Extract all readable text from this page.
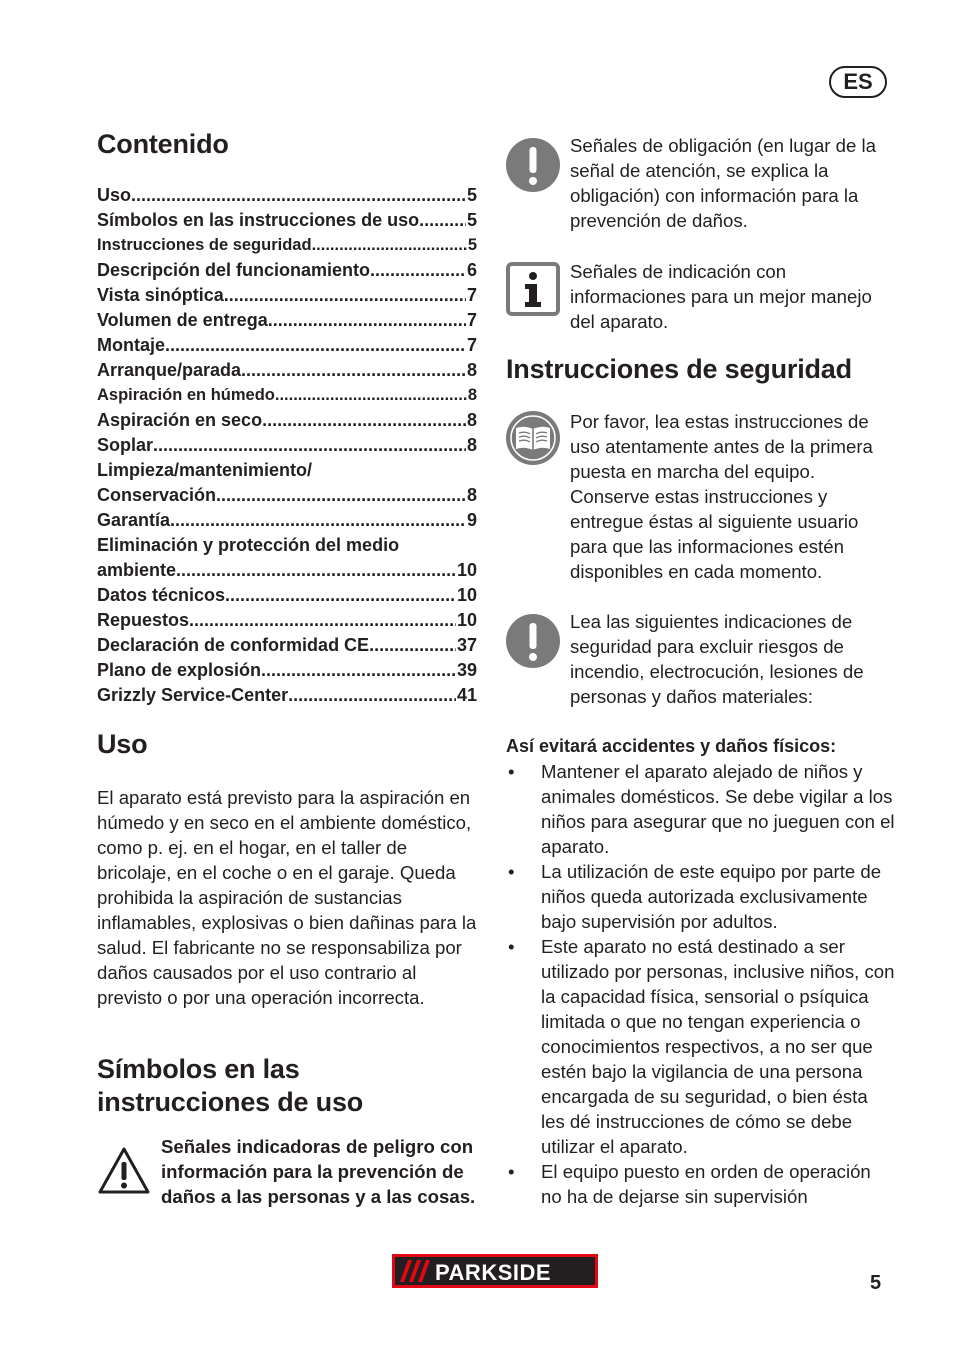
ES
Contenido
Uso .....	5
Símbolos en las instrucciones de uso .....	5
Instrucciones de seguridad .....	5
Descripción del funcionamiento .....	6
Vista sinóptica .....	7
Volumen de entrega .....	7
Montaje .....	7
Arranque/parada .....	8
Aspiración en húmedo .....	8
Aspiración en seco .....	8
Soplar .....	8
Limpieza/mantenimiento/
Conservación .....	8
Garantía .....	9
Eliminación y protección del medio
ambiente .....	10
Datos técnicos .....	10
Repuestos .....	10
Declaración de conformidad CE .....	37
Plano de explosión .....	39
Grizzly Service-Center .....	41
Uso

El aparato está previsto para la aspiración en húmedo y en seco en el ambiente doméstico, como p. ej. en el hogar, en el taller de bricolaje, en el coche o en el garaje. Queda prohibida la aspiración de sustancias inflamables, explosivas o bien dañinas para la salud. El fabricante no se responsabiliza por daños causados por el uso contrario al previsto o por una operación incorrecta.

Símbolos en las
instrucciones de uso

Señales indicadoras de peligro con información para la prevención de daños a las personas y a las cosas.

Señales de obligación (en lugar de la señal de atención, se explica la obligación) con información para la prevención de daños.

Señales de indicación con informaciones para un mejor manejo del aparato.

Instrucciones de seguridad

Por favor, lea estas instrucciones de uso atentamente antes de la primera puesta en marcha del equipo. Conserve estas instrucciones y entregue éstas al siguiente usuario para que las informaciones estén disponibles en cada momento.

Lea las siguientes indicaciones de seguridad para excluir riesgos de incendio, electrocución, lesiones de personas y daños materiales:

Así evitará accidentes y daños físicos:

• Mantener el aparato alejado de niños y animales domésticos. Se debe vigilar a los niños para asegurar que no jueguen con el aparato.
• La utilización de este equipo por parte de niños queda autorizada exclusivamente bajo supervisión por adultos.
• Este aparato no está destinado a ser utilizado por personas, inclusive niños, con la capacidad física, sensorial o psíquica limitada o que no tengan experiencia o conocimientos respectivos, a no ser que estén bajo la vigilancia de una persona encargada de su seguridad, o bien ésta les dé instrucciones de cómo se debe utilizar el aparato.
• El equipo puesto en orden de operación no ha de dejarse sin supervisión
PARKSIDE	5
